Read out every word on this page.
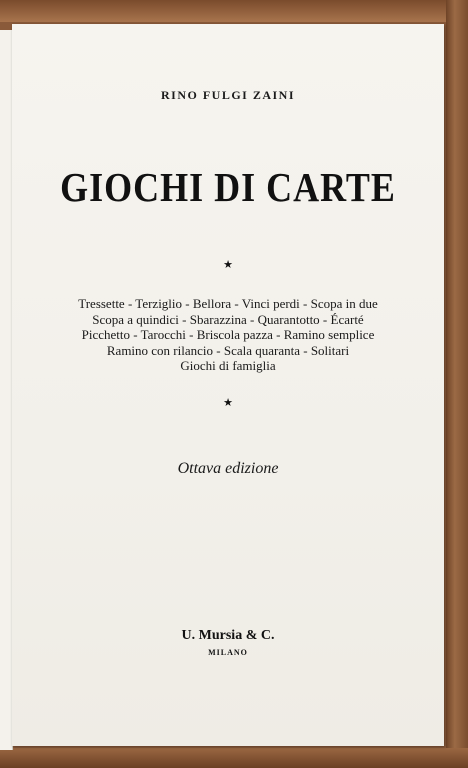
RINO FULGI ZAINI
GIOCHI DI CARTE
★
Tressette - Terziglio - Bellora - Vinci perdi - Scopa in due
Scopa a quindici - Sbarazzina - Quarantotto - Écarté
Picchetto - Tarocchi - Briscola pazza - Ramino semplice
Ramino con rilancio - Scala quaranta - Solitari
Giochi di famiglia
★
Ottava edizione
U. Mursia & C.
MILANO
